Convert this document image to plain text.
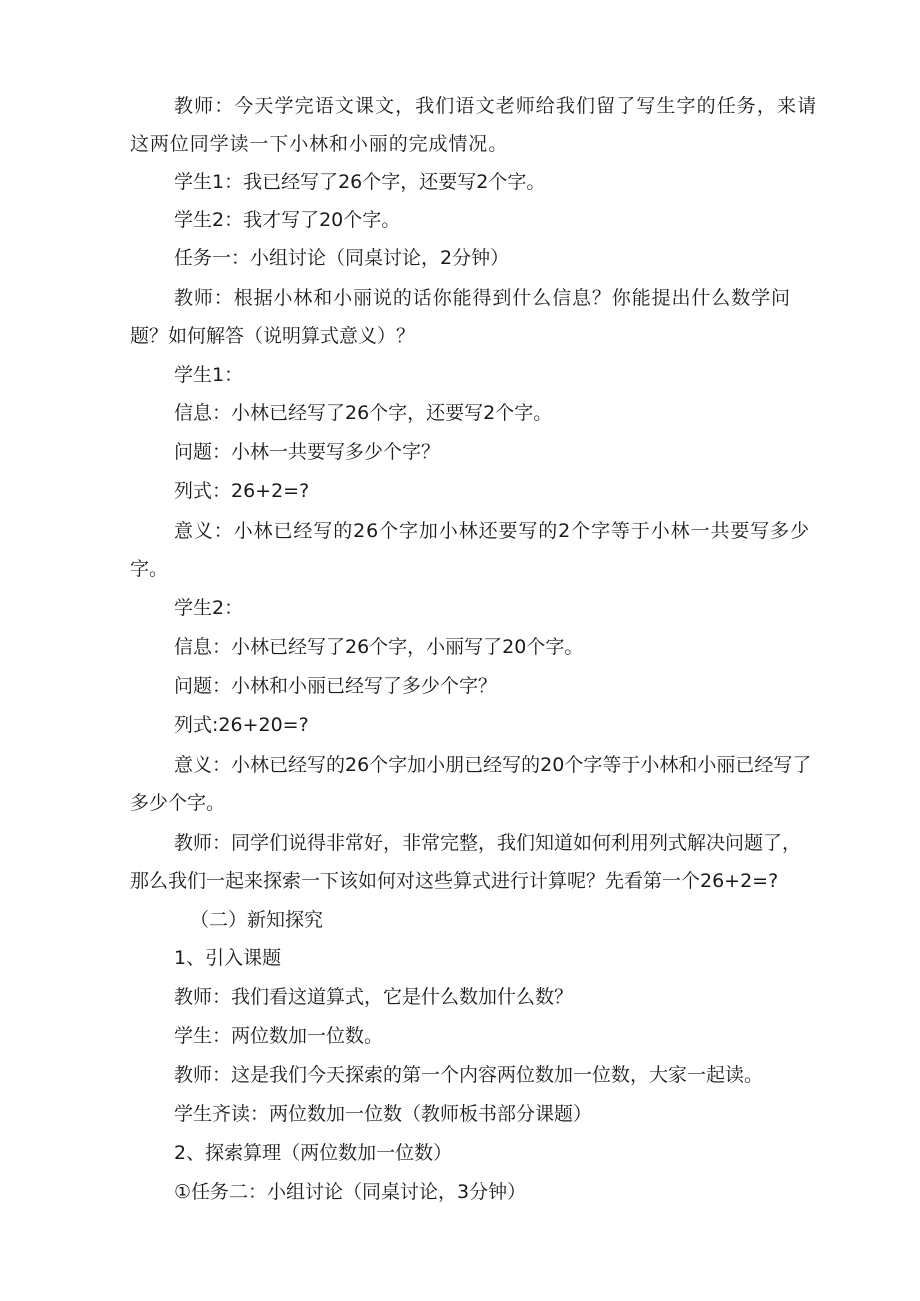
教师：今天学完语文课文，我们语文老师给我们留了写生字的任务，来请

这两位同学读一下小林和小丽的完成情况。

学生1：我已经写了26个字，还要写2个字。

学生2：我才写了20个字。

任务一：小组讨论（同桌讨论，2分钟）

教师：根据小林和小丽说的话你能得到什么信息？你能提出什么数学问

题？如何解答（说明算式意义）？

学生1：

信息：小林已经写了26个字，还要写2个字。

问题：小林一共要写多少个字？

列式：26+2=?

意义：小林已经写的26个字加小林还要写的2个字等于小林一共要写多少

字。

学生2：

信息：小林已经写了26个字，小丽写了20个字。

问题：小林和小丽已经写了多少个字？

列式:26+20=?

意义：小林已经写的26个字加小朋已经写的20个字等于小林和小丽已经写了

多少个字。

教师：同学们说得非常好，非常完整，我们知道如何利用列式解决问题了，

那么我们一起来探索一下该如何对这些算式进行计算呢？先看第一个26+2=?

（二）新知探究

1、引入课题

教师：我们看这道算式，它是什么数加什么数？

学生：两位数加一位数。

教师：这是我们今天探索的第一个内容两位数加一位数，大家一起读。

学生齐读：两位数加一位数（教师板书部分课题）

2、探索算理（两位数加一位数）

①任务二：小组讨论（同桌讨论，3分钟）
